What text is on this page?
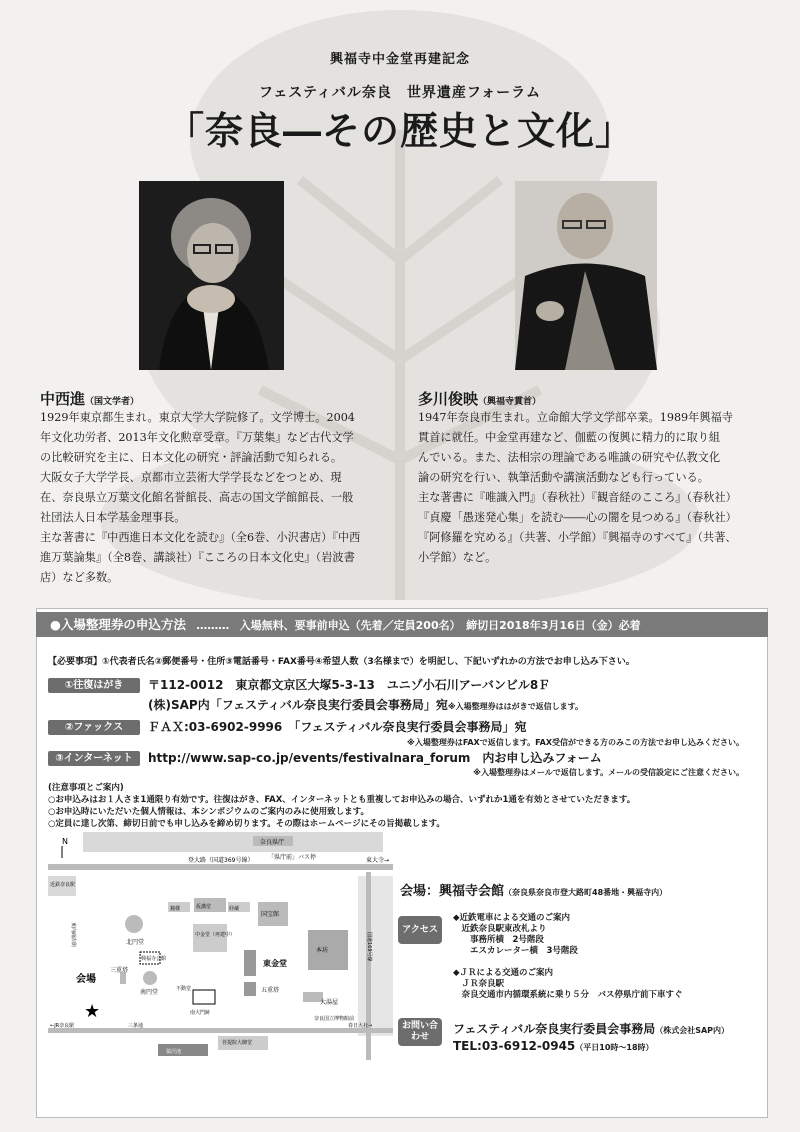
興福寺中金堂再建記念
フェスティバル奈良　世界遺産フォーラム
「奈良―その歴史と文化」
中西進（国文学者）

1929年東京都生まれ。東京大学大学院修了。文学博士。2004

年文化功労者、2013年文化勲章受章。『万葉集』など古代文学

の比較研究を主に、日本文化の研究・評論活動で知られる。

大阪女子大学学長、京都市立芸術大学学長などをつとめ、現

在、奈良県立万葉文化館名誉館長、高志の国文学館館長、一般

社団法人日本学基金理事長。

主な著書に『中西進日本文化を読む』（全6巻、小沢書店）『中西

進万葉論集』（全8巻、講談社）『こころの日本文化史』（岩波書

店）など多数。

多川俊映（興福寺貫首）

1947年奈良市生まれ。立命館大学文学部卒業。1989年興福寺

貫首に就任。中金堂再建など、伽藍の復興に精力的に取り組

んでいる。また、法相宗の理論である唯識の研究や仏教文化

論の研究を行い、執筆活動や講演活動なども行っている。

主な著書に『唯識入門』（春秋社）『観音経のこころ』（春秋社）

『貞慶「愚迷発心集」を読む――心の闇を見つめる』（春秋社）

『阿修羅を究める』（共著、小学館）『興福寺のすべて』（共著、

小学館）など。

●入場整理券の申込方法 ……… 入場無料、要事前申込（先着／定員200名）　締切日2018年3月16日（金）必着
【必要事項】①代表者氏名②郵便番号・住所③電話番号・FAX番号④希望人数（3名様まで）を明記し、下記いずれかの方法でお申し込み下さい。
①往復はがき	〒112-0012　東京都文京区大塚5-3-13　ユニゾ小石川アーバンビル8Ｆ
(株)SAP内「フェスティバル奈良実行委員会事務局」宛※入場整理券ははがきで返信します。
②ファックス	ＦＡＸ:03-6902-9996　「フェスティバル奈良実行委員会事務局」宛
※入場整理券はFAXで返信します。FAX受信ができる方のみこの方法でお申し込みください。
③インターネット	http://www.sap-co.jp/events/festivalnara_forum　内お申し込みフォーム
※入場整理券はメールで返信します。メールの受信設定にご注意ください。

(注意事項とご案内)

○お申込みはお１人さま1通限り有効です。往復はがき、FAX、インターネットとも重複してお申込みの場合、いずれか1通を有効とさせていただきます。

○お申込時にいただいた個人情報は、本シンポジウムのご案内のみに使用致します。

○定員に達し次第、締切日前でも申し込みを締め切ります。その際はホームページにその旨掲載します。

N	奈良県庁
「県庁前」バス停
登大路（国道369号線）	東大寺→
近鉄奈良駅
国道169号線
北円堂
鐘楼	仮講堂	経蔵
中金堂（再建中）
国宝館
本坊
東金堂
五重塔
大湯屋
興福寺会館
南円堂
三重塔
不動堂
南大門跡
会場
★
東向商店街
←JR奈良駅	三条通	春日大社→
奈良国立博物館前
菩提院大御堂
猿沢池
会場：興福寺会館（奈良県奈良市登大路町48番地・興福寺内）
アクセス

◆近鉄電車による交通のご案内

　近鉄奈良駅東改札より

　　事務所横　2号階段

　　エスカレーター横　3号階段

◆ＪＲによる交通のご案内

　ＪＲ奈良駅

　奈良交通市内循環系統に乗り５分　バス停県庁前下車すぐ

お問い合わせ
フェスティバル奈良実行委員会事務局（株式会社SAP内）
TEL:03-6912-0945（平日10時～18時）
